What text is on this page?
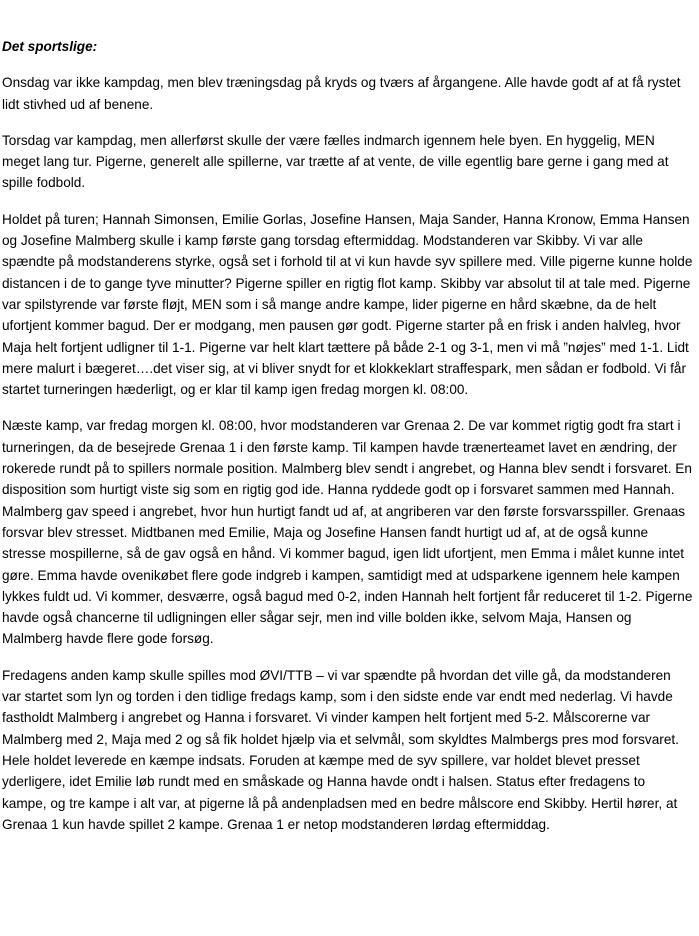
Det sportslige:
Onsdag var ikke kampdag, men blev træningsdag på kryds og tværs af årgangene. Alle havde godt af at få rystet lidt stivhed ud af benene.
Torsdag var kampdag, men allerførst skulle der være fælles indmarch igennem hele byen. En hyggelig, MEN meget lang tur. Pigerne, generelt alle spillerne, var trætte af at vente, de ville egentlig bare gerne i gang med at spille fodbold.
Holdet på turen; Hannah Simonsen, Emilie Gorlas, Josefine Hansen, Maja Sander, Hanna Kronow, Emma Hansen og Josefine Malmberg skulle i kamp første gang torsdag eftermiddag. Modstanderen var Skibby. Vi var alle spændte på modstanderens styrke, også set i forhold til at vi kun havde syv spillere med. Ville pigerne kunne holde distancen i de to gange tyve minutter? Pigerne spiller en rigtig flot kamp. Skibby var absolut til at tale med. Pigerne var spilstyrende var første fløjt, MEN som i så mange andre kampe, lider pigerne en hård skæbne, da de helt ufortjent kommer bagud. Der er modgang, men pausen gør godt. Pigerne starter på en frisk i anden halvleg, hvor Maja helt fortjent udligner til 1-1. Pigerne var helt klart tættere på både 2-1 og 3-1, men vi må ”nøjes” med 1-1. Lidt mere malurt i bægeret….det viser sig, at vi bliver snydt for et klokkeklart straffespark, men sådan er fodbold. Vi får startet turneringen hæderligt, og er klar til kamp igen fredag morgen kl. 08:00.
Næste kamp, var fredag morgen kl. 08:00, hvor modstanderen var Grenaa 2. De var kommet rigtig godt fra start i turneringen, da de besejrede Grenaa 1 i den første kamp. Til kampen havde trænerteamet lavet en ændring, der rokerede rundt på to spillers normale position. Malmberg blev sendt i angrebet, og Hanna blev sendt i forsvaret. En disposition som hurtigt viste sig som en rigtig god ide. Hanna ryddede godt op i forsvaret sammen med Hannah. Malmberg gav speed i angrebet, hvor hun hurtigt fandt ud af, at angriberen var den første forsvarsspiller. Grenaas forsvar blev stresset. Midtbanen med Emilie, Maja og Josefine Hansen fandt hurtigt ud af, at de også kunne stresse mospillerne, så de gav også en hånd. Vi kommer bagud, igen lidt ufortjent, men Emma i målet kunne intet gøre. Emma havde ovenikøbet flere gode indgreb i kampen, samtidigt med at udsparkene igennem hele kampen lykkes fuldt ud. Vi kommer, desværre, også bagud med 0-2, inden Hannah helt fortjent får reduceret til 1-2. Pigerne havde også chancerne til udligningen eller sågar sejr, men ind ville bolden ikke, selvom Maja, Hansen og Malmberg havde flere gode forsøg.
Fredagens anden kamp skulle spilles mod ØVI/TTB – vi var spændte på hvordan det ville gå, da modstanderen var startet som lyn og torden i den tidlige fredags kamp, som i den sidste ende var endt med nederlag. Vi havde fastholdt Malmberg i angrebet og Hanna i forsvaret. Vi vinder kampen helt fortjent med 5-2. Målscorerne var Malmberg med 2, Maja med 2 og så fik holdet hjælp via et selvmål, som skyldtes Malmbergs pres mod forsvaret. Hele holdet leverede en kæmpe indsats. Foruden at kæmpe med de syv spillere, var holdet blevet presset yderligere, idet Emilie løb rundt med en småskade og Hanna havde ondt i halsen. Status efter fredagens to kampe, og tre kampe i alt var, at pigerne lå på andenpladsen med en bedre målscore end Skibby. Hertil hører, at Grenaa 1 kun havde spillet 2 kampe. Grenaa 1 er netop modstanderen lørdag eftermiddag.
